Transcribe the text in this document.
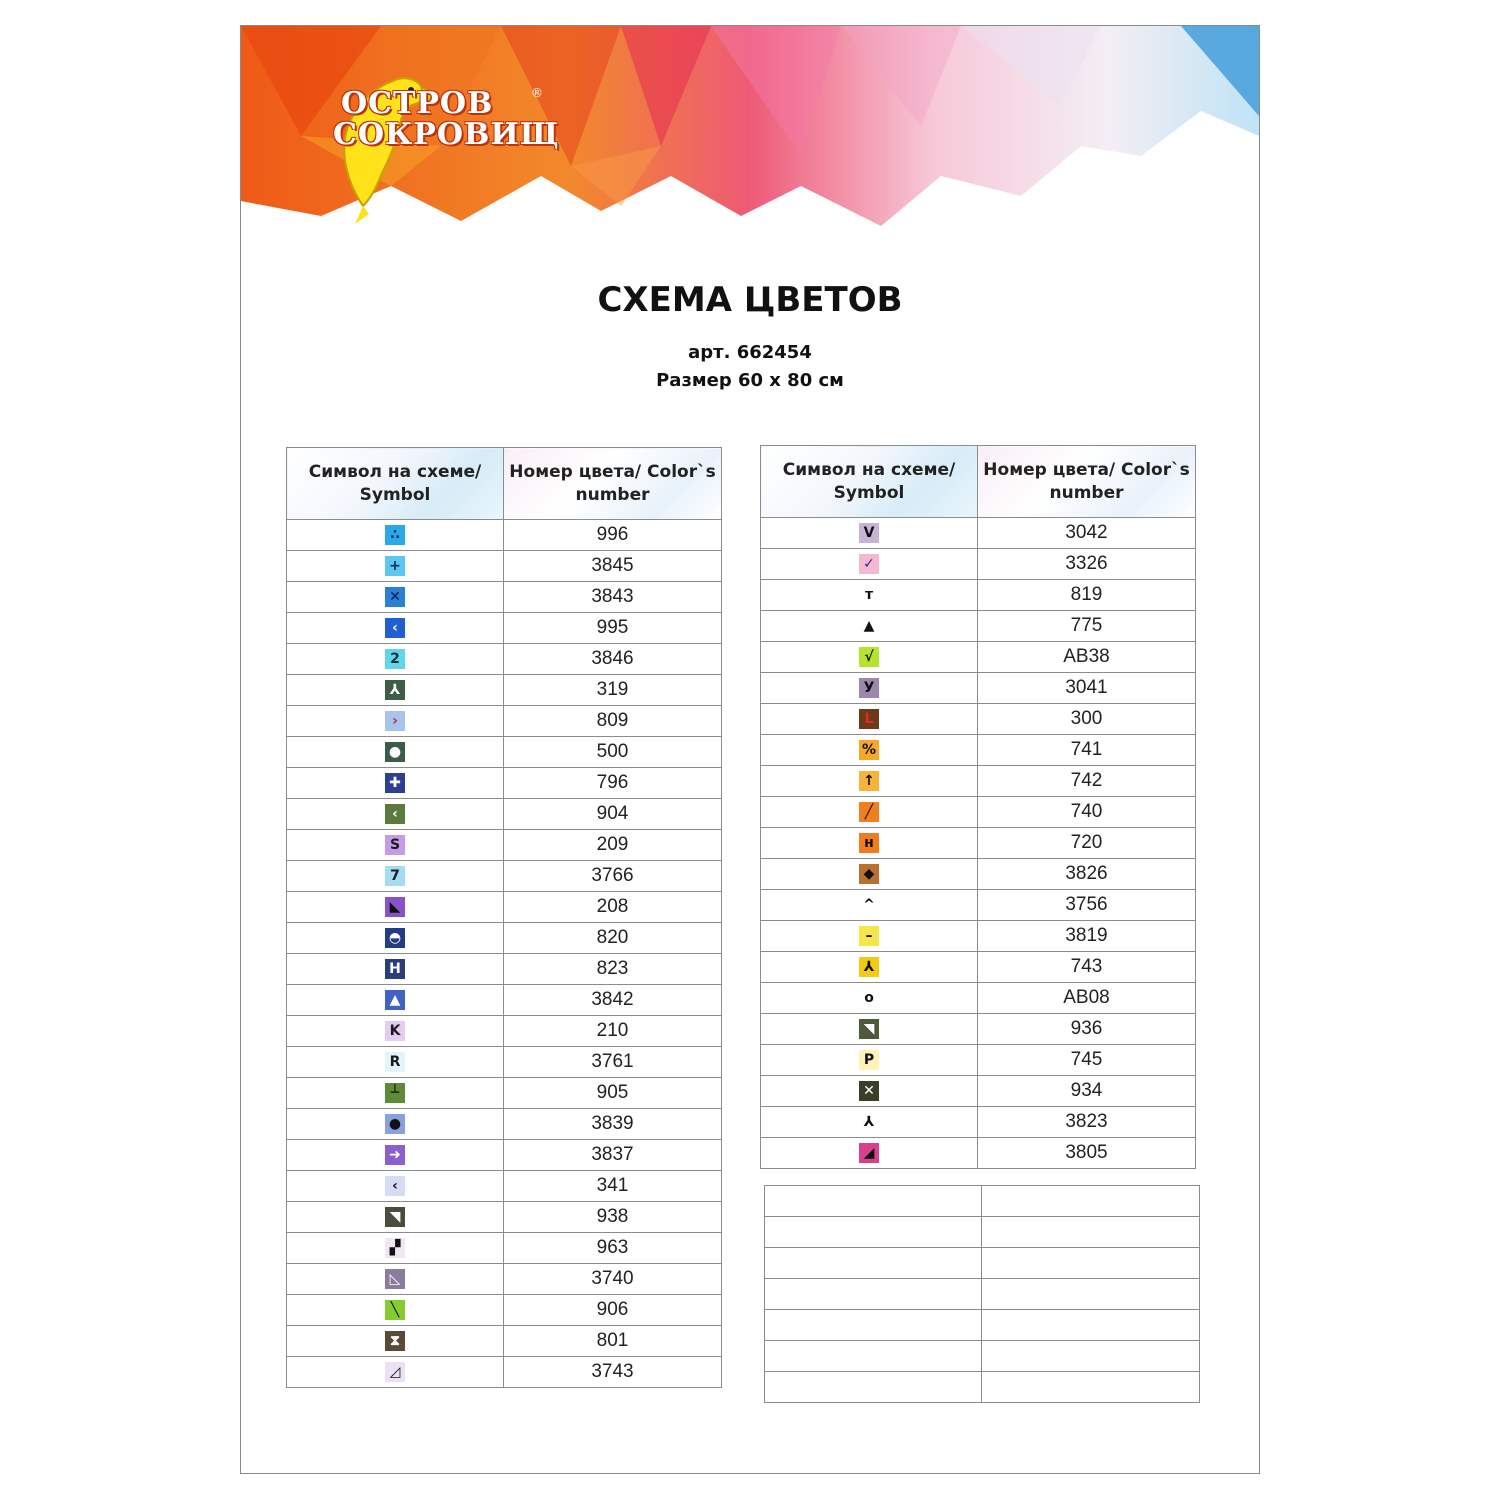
ОСТРОВ
СОКРОВИЩ
®
СХЕМА ЦВЕТОВ
арт. 662454
Размер 60 х 80 см
Символ на схеме/ Symbol	Номер цвета/ Color`s number
∴	996
+	3845
✕	3843
‹	995
2	3846
⅄	319
›	809
●	500
✚	796
‹	904
S	209
7	3766
◣	208
◓	820
H	823
▲	3842
K	210
R	3761
┴	905
●	3839
➜	3837
‹	341
◥	938
▞	963
◺	3740
╲	906
⧗	801
◿	3743
Символ на схеме/ Symbol	Номер цвета/ Color`s number
V	3042
✓	3326
т	819
▲	775
√	AB38
У	3041
L	300
%	741
↑	742
╱	740
н	720
◆	3826
^	3756
–	3819
⅄	743
o	AB08
◥	936
P	745
✕	934
⅄	3823
◢	3805
